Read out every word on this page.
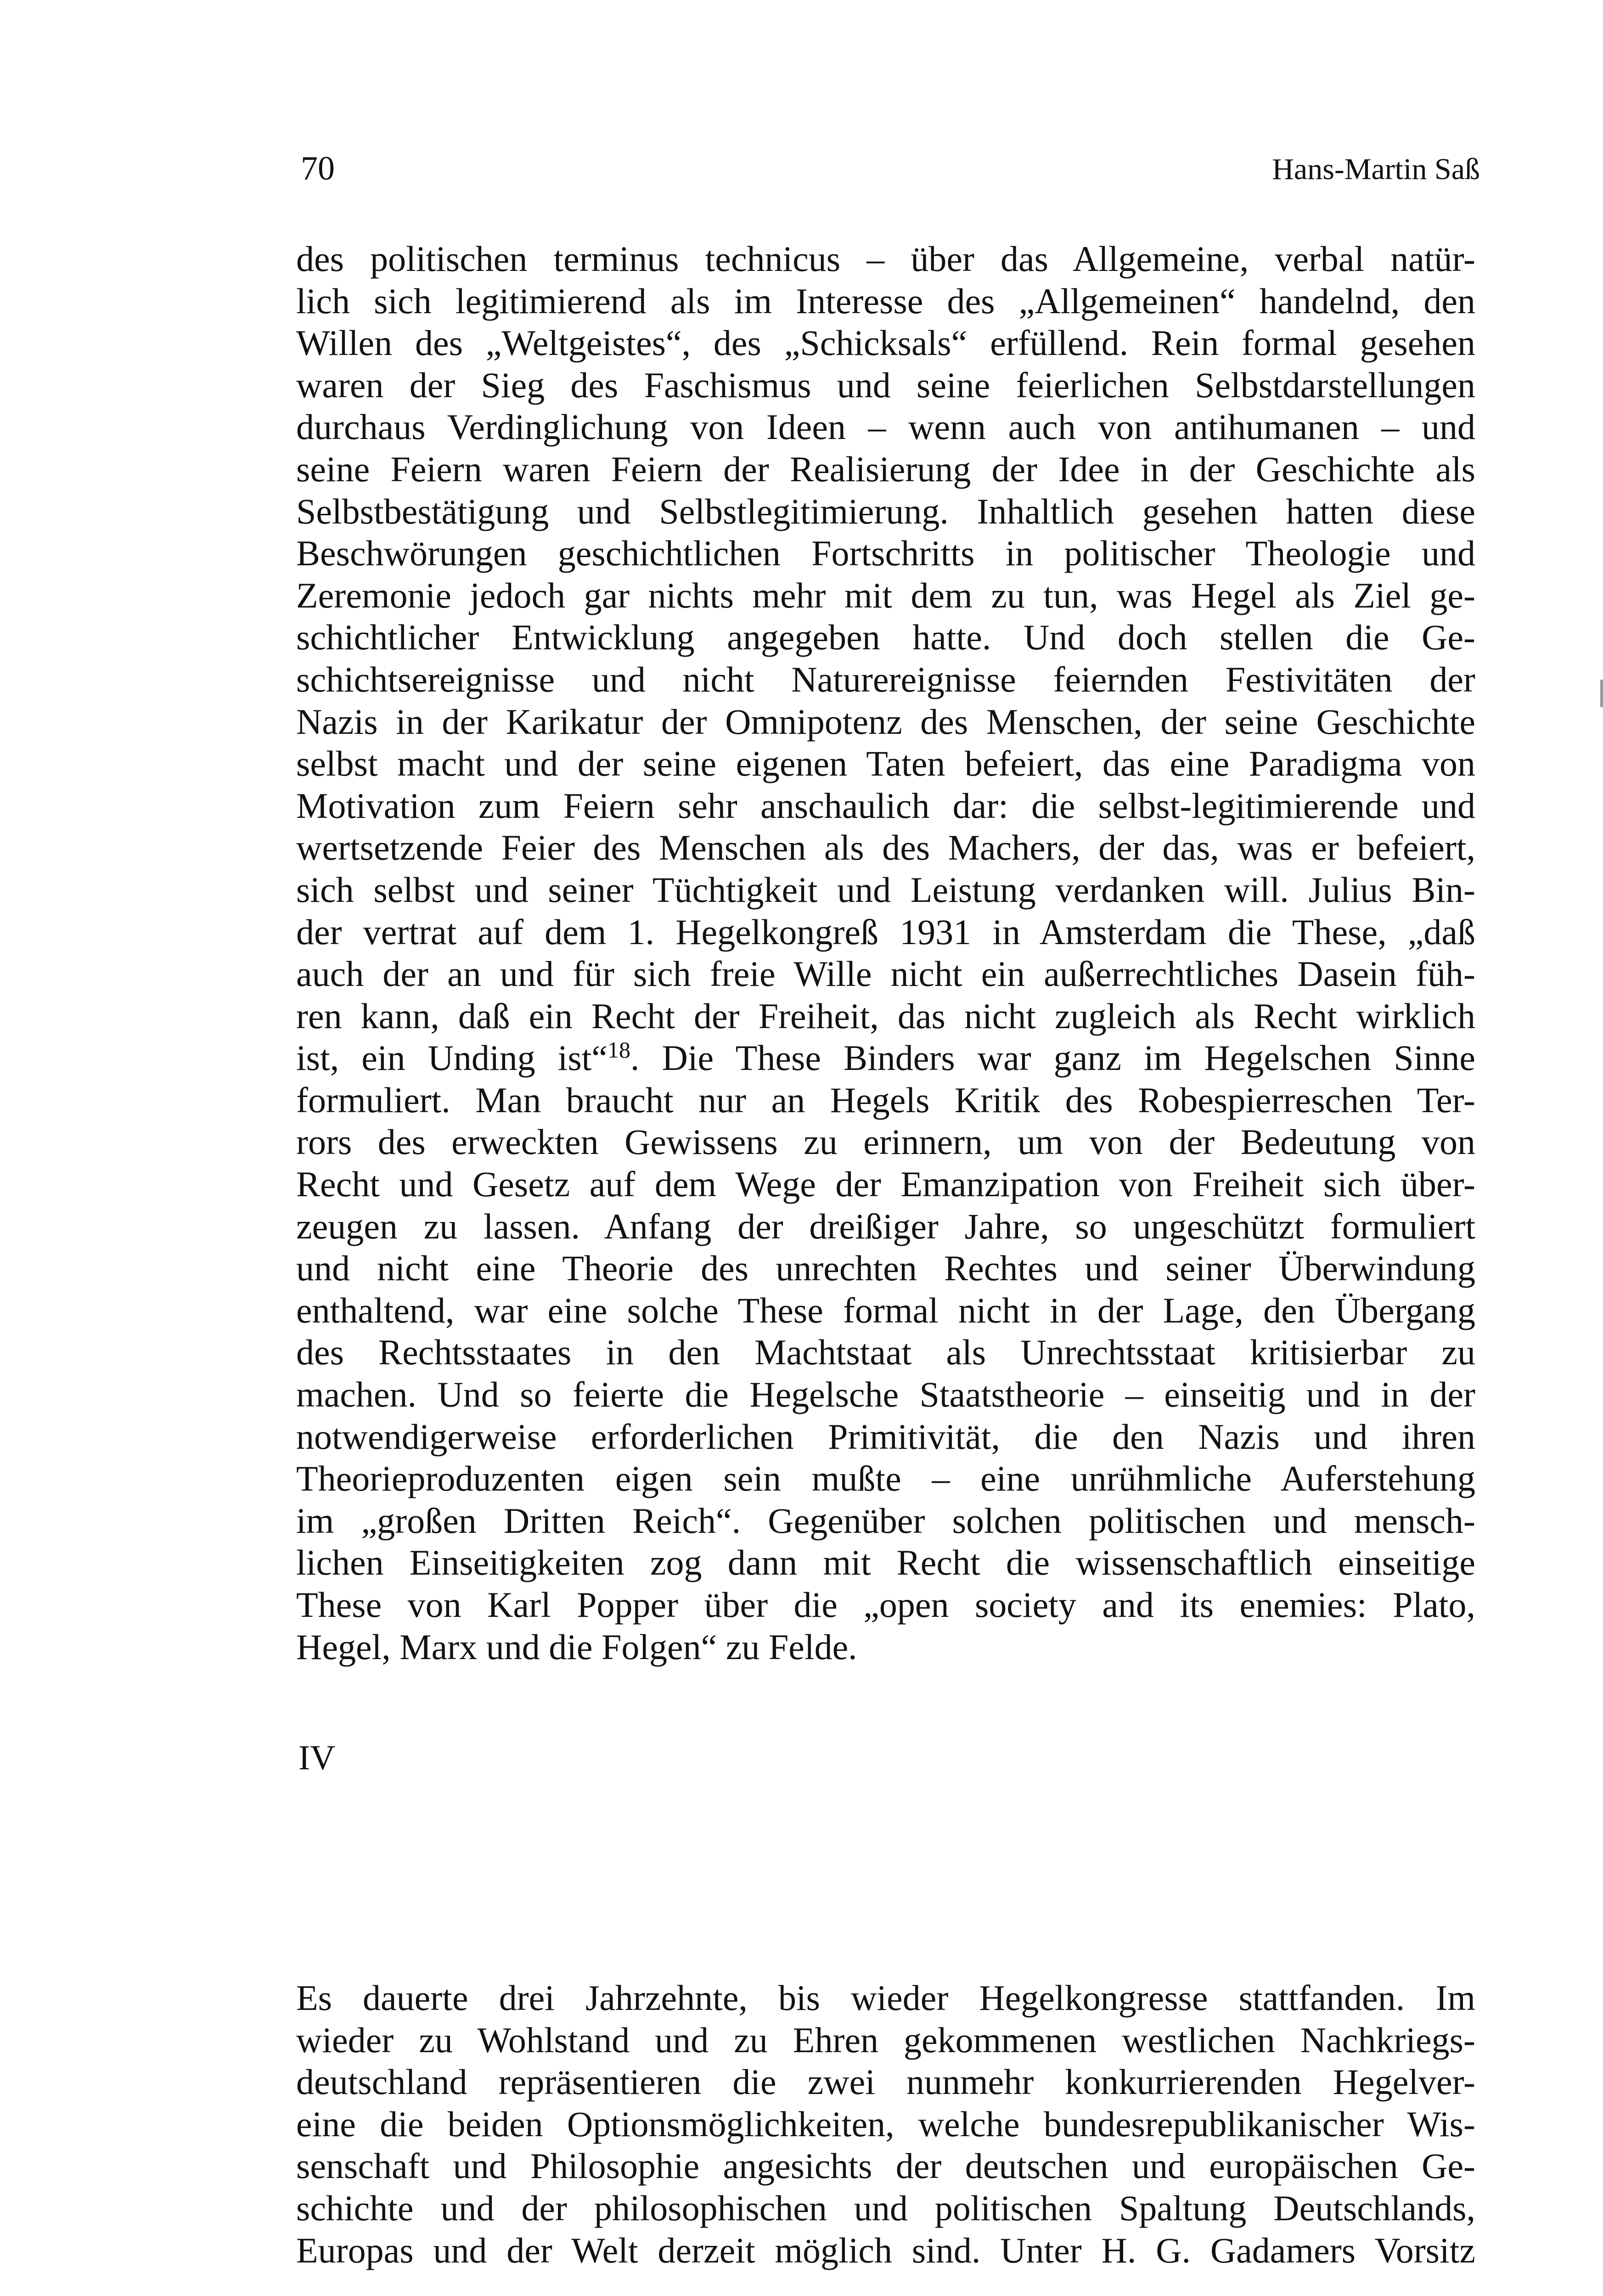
70	Hans-Martin Saß
des politischen terminus technicus – über das Allgemeine, verbal natür-
lich sich legitimierend als im Interesse des „Allgemeinen“ handelnd, den
Willen des „Weltgeistes“, des „Schicksals“ erfüllend. Rein formal gesehen
waren der Sieg des Faschismus und seine feierlichen Selbstdarstellungen
durchaus Verdinglichung von Ideen – wenn auch von antihumanen – und
seine Feiern waren Feiern der Realisierung der Idee in der Geschichte als
Selbstbestätigung und Selbstlegitimierung. Inhaltlich gesehen hatten diese
Beschwörungen geschichtlichen Fortschritts in politischer Theologie und
Zeremonie jedoch gar nichts mehr mit dem zu tun, was Hegel als Ziel ge-
schichtlicher Entwicklung angegeben hatte. Und doch stellen die Ge-
schichtsereignisse und nicht Naturereignisse feiernden Festivitäten der
Nazis in der Karikatur der Omnipotenz des Menschen, der seine Geschichte
selbst macht und der seine eigenen Taten befeiert, das eine Paradigma von
Motivation zum Feiern sehr anschaulich dar: die selbst-legitimierende und
wertsetzende Feier des Menschen als des Machers, der das, was er befeiert,
sich selbst und seiner Tüchtigkeit und Leistung verdanken will. Julius Bin-
der vertrat auf dem 1. Hegelkongreß 1931 in Amsterdam die These, „daß
auch der an und für sich freie Wille nicht ein außerrechtliches Dasein füh-
ren kann, daß ein Recht der Freiheit, das nicht zugleich als Recht wirklich
ist, ein Unding ist“$^{18}$. Die These Binders war ganz im Hegelschen Sinne
formuliert. Man braucht nur an Hegels Kritik des Robespierreschen Ter-
rors des erweckten Gewissens zu erinnern, um von der Bedeutung von
Recht und Gesetz auf dem Wege der Emanzipation von Freiheit sich über-
zeugen zu lassen. Anfang der dreißiger Jahre, so ungeschützt formuliert
und nicht eine Theorie des unrechten Rechtes und seiner Überwindung
enthaltend, war eine solche These formal nicht in der Lage, den Übergang
des Rechtsstaates in den Machtstaat als Unrechtsstaat kritisierbar zu
machen. Und so feierte die Hegelsche Staatstheorie – einseitig und in der
notwendigerweise erforderlichen Primitivität, die den Nazis und ihren
Theorieproduzenten eigen sein mußte – eine unrühmliche Auferstehung
im „großen Dritten Reich“. Gegenüber solchen politischen und mensch-
lichen Einseitigkeiten zog dann mit Recht die wissenschaftlich einseitige
These von Karl Popper über die „open society and its enemies: Plato,
Hegel, Marx und die Folgen“ zu Felde.
IV
Es dauerte drei Jahrzehnte, bis wieder Hegelkongresse stattfanden. Im
wieder zu Wohlstand und zu Ehren gekommenen westlichen Nachkriegs-
deutschland repräsentieren die zwei nunmehr konkurrierenden Hegelver-
eine die beiden Optionsmöglichkeiten, welche bundesrepublikanischer Wis-
senschaft und Philosophie angesichts der deutschen und europäischen Ge-
schichte und der philosophischen und politischen Spaltung Deutschlands,
Europas und der Welt derzeit möglich sind. Unter H. G. Gadamers Vorsitz
